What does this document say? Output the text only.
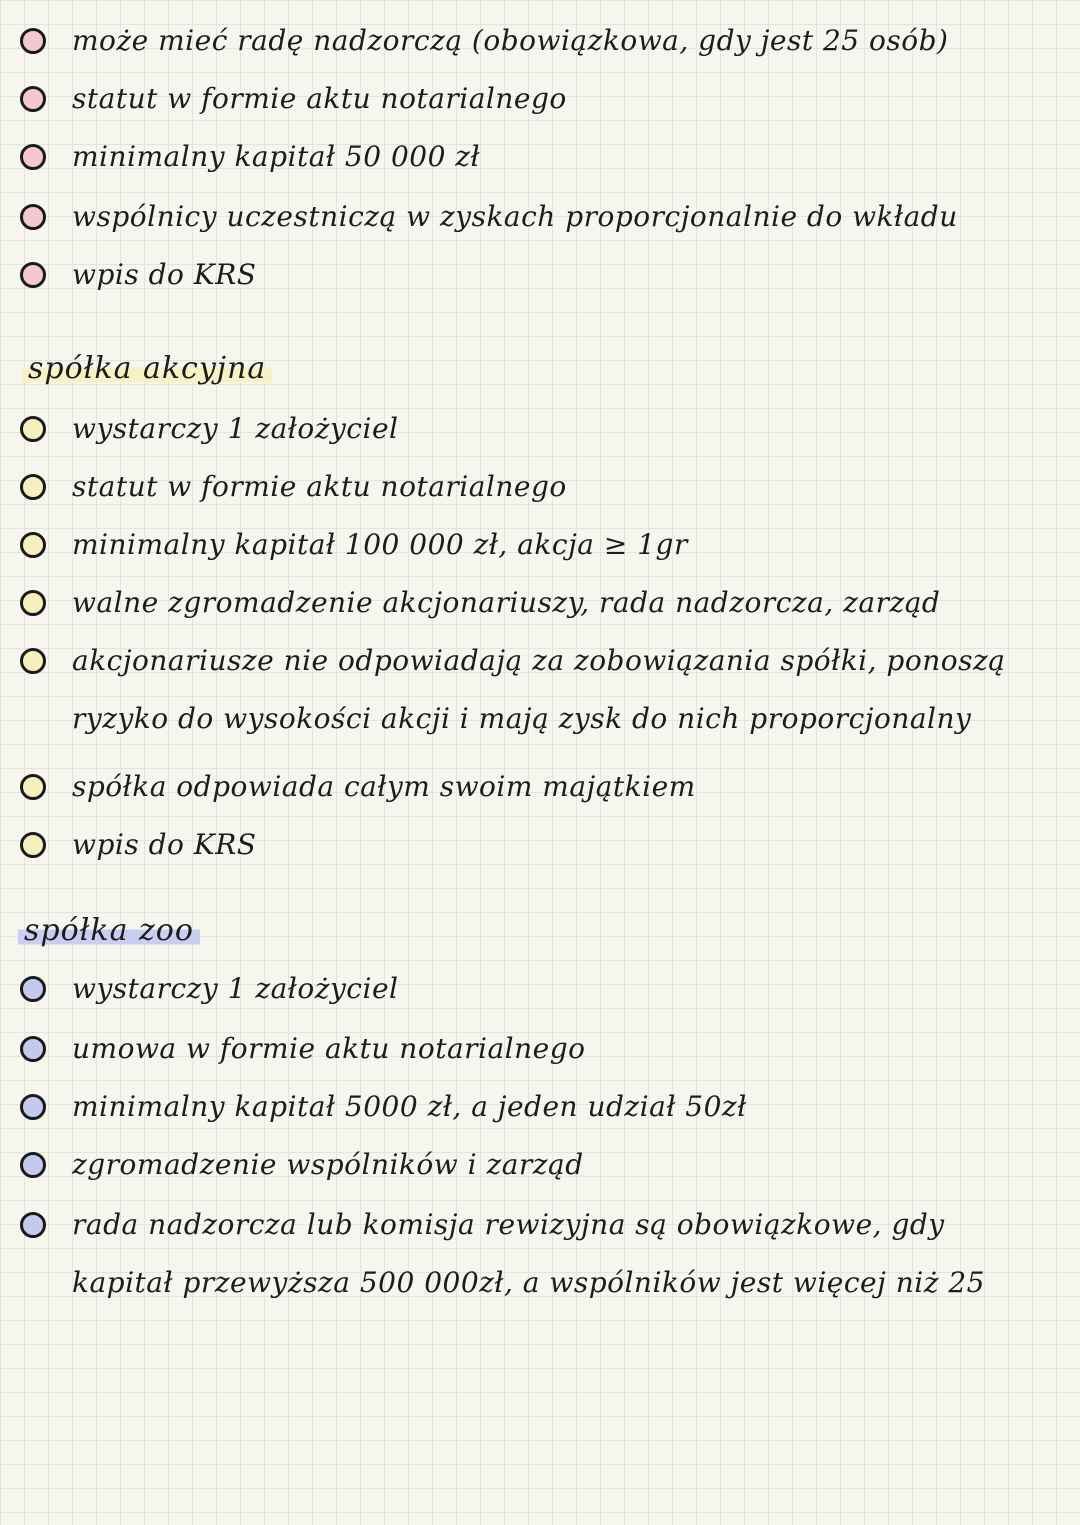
może mieć radę nadzorczą (obowiązkowa, gdy jest 25 osób)
statut w formie aktu notarialnego
minimalny kapitał 50 000 zł
wspólnicy uczestniczą w zyskach proporcjonalnie do wkładu
wpis do KRS
spółka akcyjna
wystarczy 1 założyciel
statut w formie aktu notarialnego
minimalny kapitał 100 000 zł, akcja ≥ 1gr
walne zgromadzenie akcjonariuszy, rada nadzorcza, zarząd
akcjonariusze nie odpowiadają za zobowiązania spółki, ponoszą ryzyko do wysokości akcji i mają zysk do nich proporcjonalny
spółka odpowiada całym swoim majątkiem
wpis do KRS
spółka zoo
wystarczy 1 założyciel
umowa w formie aktu notarialnego
minimalny kapitał 5000 zł, a jeden udział 50zł
zgromadzenie wspólników i zarząd
rada nadzorcza lub komisja rewizyjna są obowiązkowe, gdy kapitał przewyższa 500 000zł, a wspólników jest więcej niż 25
